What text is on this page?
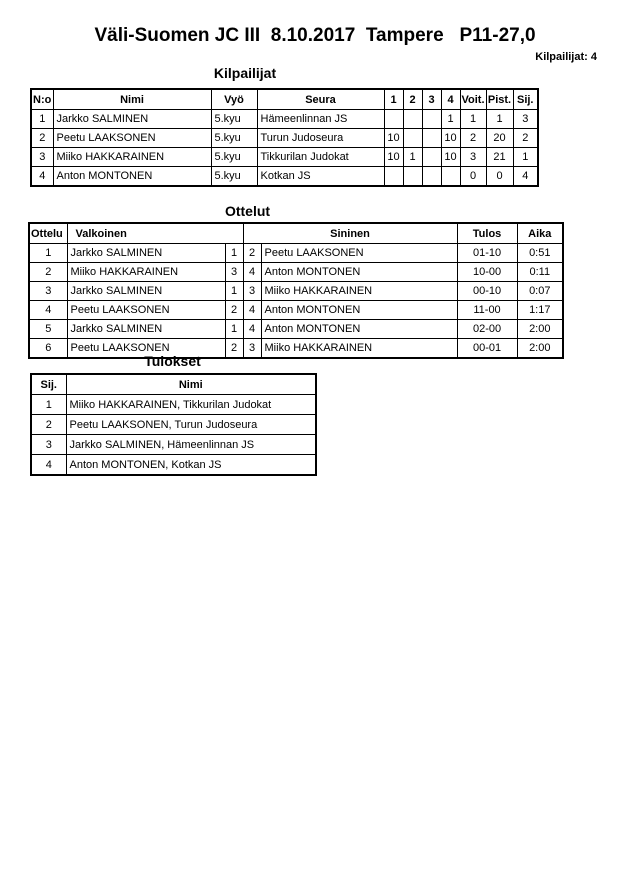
Väli-Suomen JC III  8.10.2017  Tampere   P11-27,0
Kilpailijat: 4
Kilpailijat
N:o	Nimi	Vyö	Seura	1	2	3	4	Voit.	Pist.	Sij.
1	Jarkko SALMINEN	5.kyu	Hämeenlinnan JS				1	1	1	3
2	Peetu LAAKSONEN	5.kyu	Turun Judoseura	10			10	2	20	2
3	Miiko HAKKARAINEN	5.kyu	Tikkurilan Judokat	10	1		10	3	21	1
4	Anton MONTONEN	5.kyu	Kotkan JS					0	0	4
Ottelut
Ottelu	Valkoinen		Sininen		Tulos	Aika
1	Jarkko SALMINEN	1	2	Peetu LAAKSONEN	01-10	0:51
2	Miiko HAKKARAINEN	3	4	Anton MONTONEN	10-00	0:11
3	Jarkko SALMINEN	1	3	Miiko HAKKARAINEN	00-10	0:07
4	Peetu LAAKSONEN	2	4	Anton MONTONEN	11-00	1:17
5	Jarkko SALMINEN	1	4	Anton MONTONEN	02-00	2:00
6	Peetu LAAKSONEN	2	3	Miiko HAKKARAINEN	00-01	2:00
Tulokset
Sij.	Nimi
1	Miiko HAKKARAINEN, Tikkurilan Judokat
2	Peetu LAAKSONEN, Turun Judoseura
3	Jarkko SALMINEN, Hämeenlinnan JS
4	Anton MONTONEN, Kotkan JS
